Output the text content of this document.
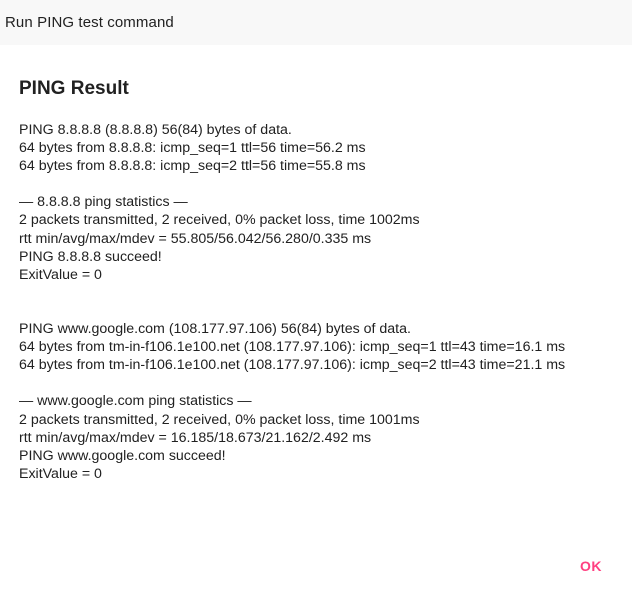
Run PING test command
PING Result
PING 8.8.8.8 (8.8.8.8) 56(84) bytes of data.
64 bytes from 8.8.8.8: icmp_seq=1 ttl=56 time=56.2 ms
64 bytes from 8.8.8.8: icmp_seq=2 ttl=56 time=55.8 ms
— 8.8.8.8 ping statistics —
2 packets transmitted, 2 received, 0% packet loss, time 1002ms
rtt min/avg/max/mdev = 55.805/56.042/56.280/0.335 ms
PING 8.8.8.8 succeed!
ExitValue = 0
PING www.google.com (108.177.97.106) 56(84) bytes of data.
64 bytes from tm-in-f106.1e100.net (108.177.97.106): icmp_seq=1 ttl=43 time=16.1 ms
64 bytes from tm-in-f106.1e100.net (108.177.97.106): icmp_seq=2 ttl=43 time=21.1 ms
— www.google.com ping statistics —
2 packets transmitted, 2 received, 0% packet loss, time 1001ms
rtt min/avg/max/mdev = 16.185/18.673/21.162/2.492 ms
PING www.google.com succeed!
ExitValue = 0
OK
